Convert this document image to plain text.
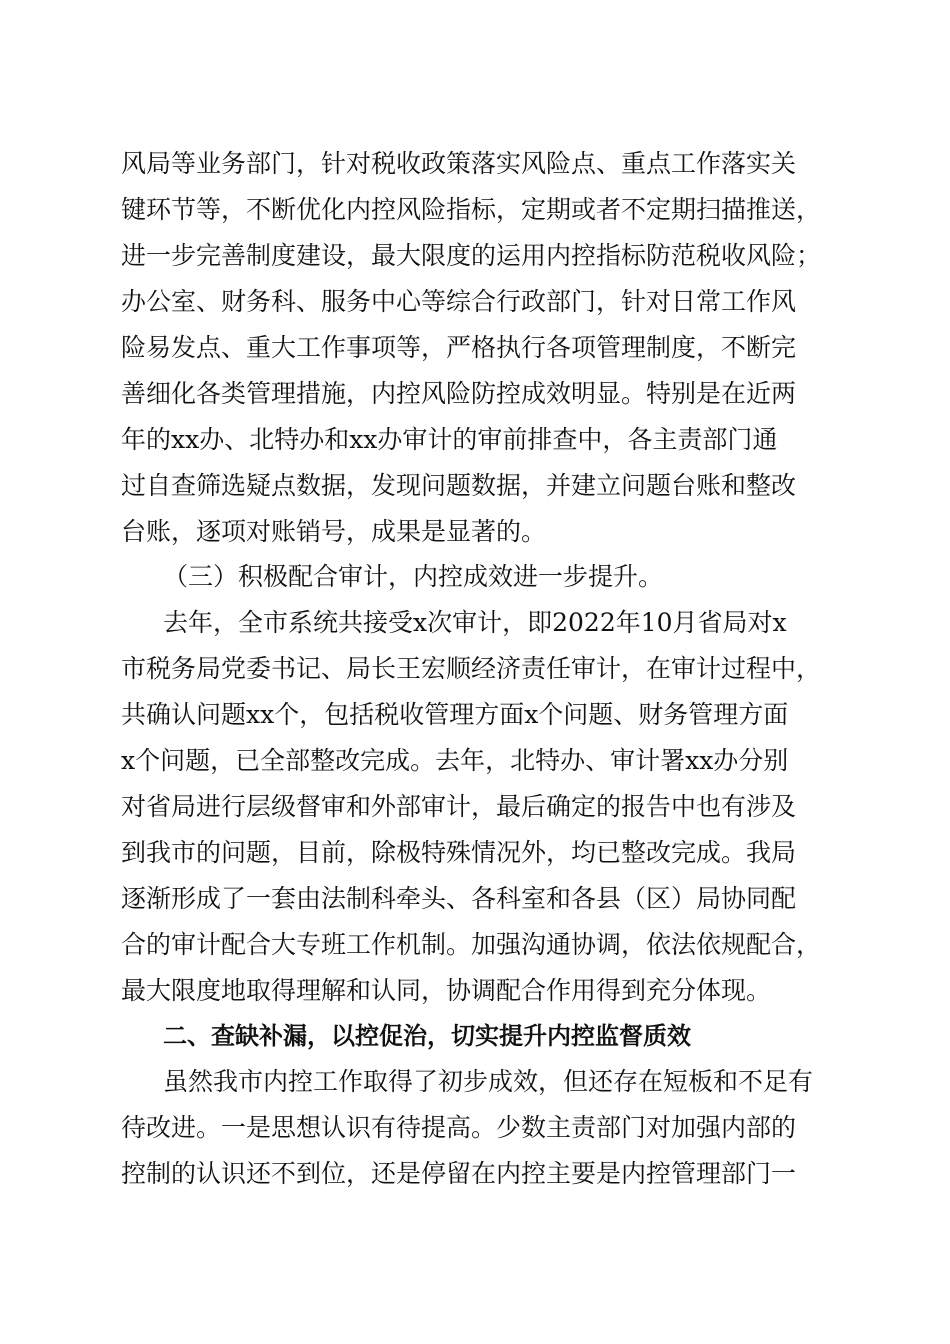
风局等业务部门，针对税收政策落实风险点、重点工作落实关
键环节等，不断优化内控风险指标，定期或者不定期扫描推送，
进一步完善制度建设，最大限度的运用内控指标防范税收风险；
办公室、财务科、服务中心等综合行政部门，针对日常工作风
险易发点、重大工作事项等，严格执行各项管理制度，不断完
善细化各类管理措施，内控风险防控成效明显。特别是在近两
年的xx办、北特办和xx办审计的审前排查中，各主责部门通
过自查筛选疑点数据，发现问题数据，并建立问题台账和整改
台账，逐项对账销号，成果是显著的。
（三）积极配合审计，内控成效进一步提升。
去年，全市系统共接受x次审计，即2022年10月省局对x
市税务局党委书记、局长王宏顺经济责任审计，在审计过程中，
共确认问题xx个，包括税收管理方面x个问题、财务管理方面
x个问题，已全部整改完成。去年，北特办、审计署xx办分别
对省局进行层级督审和外部审计，最后确定的报告中也有涉及
到我市的问题，目前，除极特殊情况外，均已整改完成。我局
逐渐形成了一套由法制科牵头、各科室和各县（区）局协同配
合的审计配合大专班工作机制。加强沟通协调，依法依规配合，
最大限度地取得理解和认同，协调配合作用得到充分体现。
二、查缺补漏，以控促治，切实提升内控监督质效
虽然我市内控工作取得了初步成效，但还存在短板和不足有
待改进。一是思想认识有待提高。少数主责部门对加强内部的
控制的认识还不到位，还是停留在内控主要是内控管理部门一
